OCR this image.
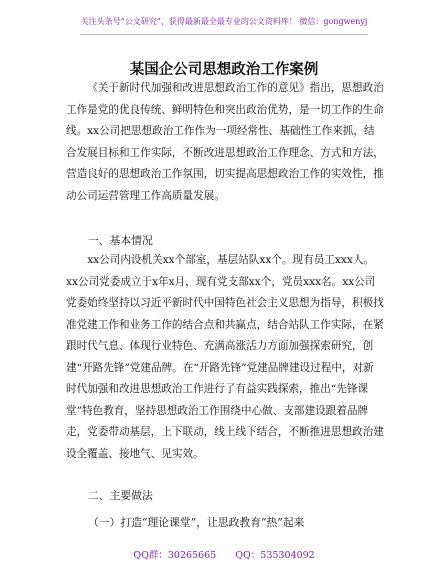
关注头条号“公文研究”，获得最新最全最专业的公文资料库！ 微信：gongwenyj
某国企公司思想政治工作案例

《关于新时代加强和改进思想政治工作的意见》指出，思想政治工作是党的优良传统、鲜明特色和突出政治优势，是一切工作的生命线。xx公司把思想政治工作作为一项经常性、基础性工作来抓，结合发展目标和工作实际，不断改进思想政治工作理念、方式和方法，营造良好的思想政治工作氛围，切实提高思想政治工作的实效性，推动公司运营管理工作高质量发展。

一、基本情况

xx公司内设机关xx个部室，基层站队xx个。现有员工xxx人。xx公司党委成立于x年x月，现有党支部xx个，党员xxx名。xx公司党委始终坚持以习近平新时代中国特色社会主义思想为指导，积极找准党建工作和业务工作的结合点和共赢点，结合站队工作实际，在紧跟时代气息、体现行业特色、充满高涨活力方面加强探索研究，创建“开路先锋”党建品牌。在“开路先锋”党建品牌建设过程中，对新时代加强和改进思想政治工作进行了有益实践探索，推出“先锋课堂”特色教育，坚持思想政治工作围绕中心做、支部建设跟着品牌走，党委带动基层，上下联动，线上线下结合，不断推进思想政治建设全覆盖、接地气、见实效。

二、主要做法
（一）打造“理论课堂”，让思政教育“热”起来
QQ群：30265665　　QQ：535304092
